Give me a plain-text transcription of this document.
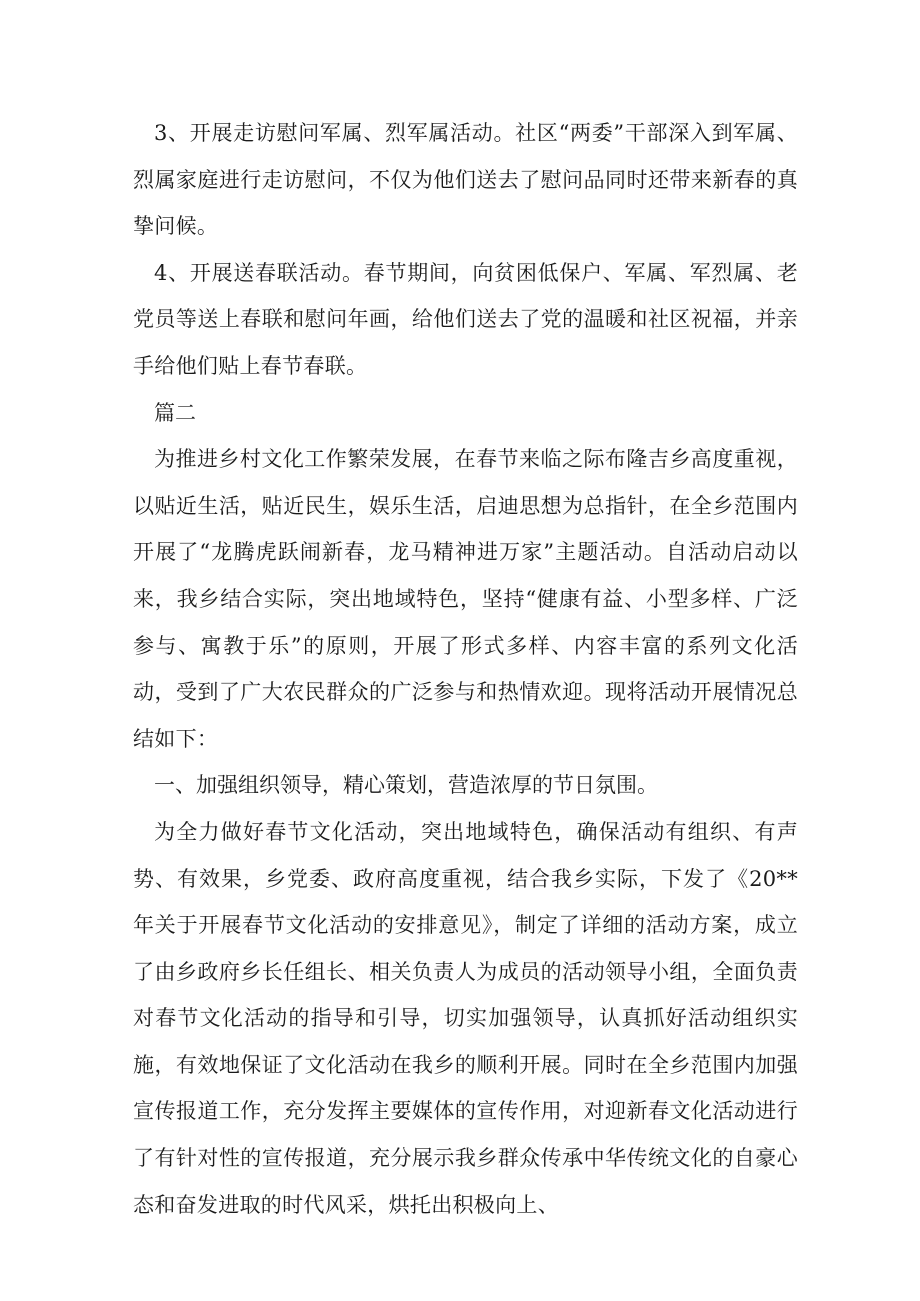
3、开展走访慰问军属、烈军属活动。社区“两委”干部深入到军属、烈属家庭进行走访慰问，不仅为他们送去了慰问品同时还带来新春的真挚问候。

4、开展送春联活动。春节期间，向贫困低保户、军属、军烈属、老党员等送上春联和慰问年画，给他们送去了党的温暖和社区祝福，并亲手给他们贴上春节春联。

篇二

为推进乡村文化工作繁荣发展，在春节来临之际布隆吉乡高度重视，以贴近生活，贴近民生，娱乐生活，启迪思想为总指针，在全乡范围内开展了“龙腾虎跃闹新春，龙马精神进万家”主题活动。自活动启动以来，我乡结合实际，突出地域特色，坚持“健康有益、小型多样、广泛参与、寓教于乐”的原则，开展了形式多样、内容丰富的系列文化活动，受到了广大农民群众的广泛参与和热情欢迎。现将活动开展情况总结如下：

一、加强组织领导，精心策划，营造浓厚的节日氛围。

为全力做好春节文化活动，突出地域特色，确保活动有组织、有声势、有效果，乡党委、政府高度重视，结合我乡实际，下发了《20**年关于开展春节文化活动的安排意见》，制定了详细的活动方案，成立了由乡政府乡长任组长、相关负责人为成员的活动领导小组，全面负责对春节文化活动的指导和引导，切实加强领导，认真抓好活动组织实施，有效地保证了文化活动在我乡的顺利开展。同时在全乡范围内加强宣传报道工作，充分发挥主要媒体的宣传作用，对迎新春文化活动进行了有针对性的宣传报道，充分展示我乡群众传承中华传统文化的自豪心态和奋发进取的时代风采，烘托出积极向上、
